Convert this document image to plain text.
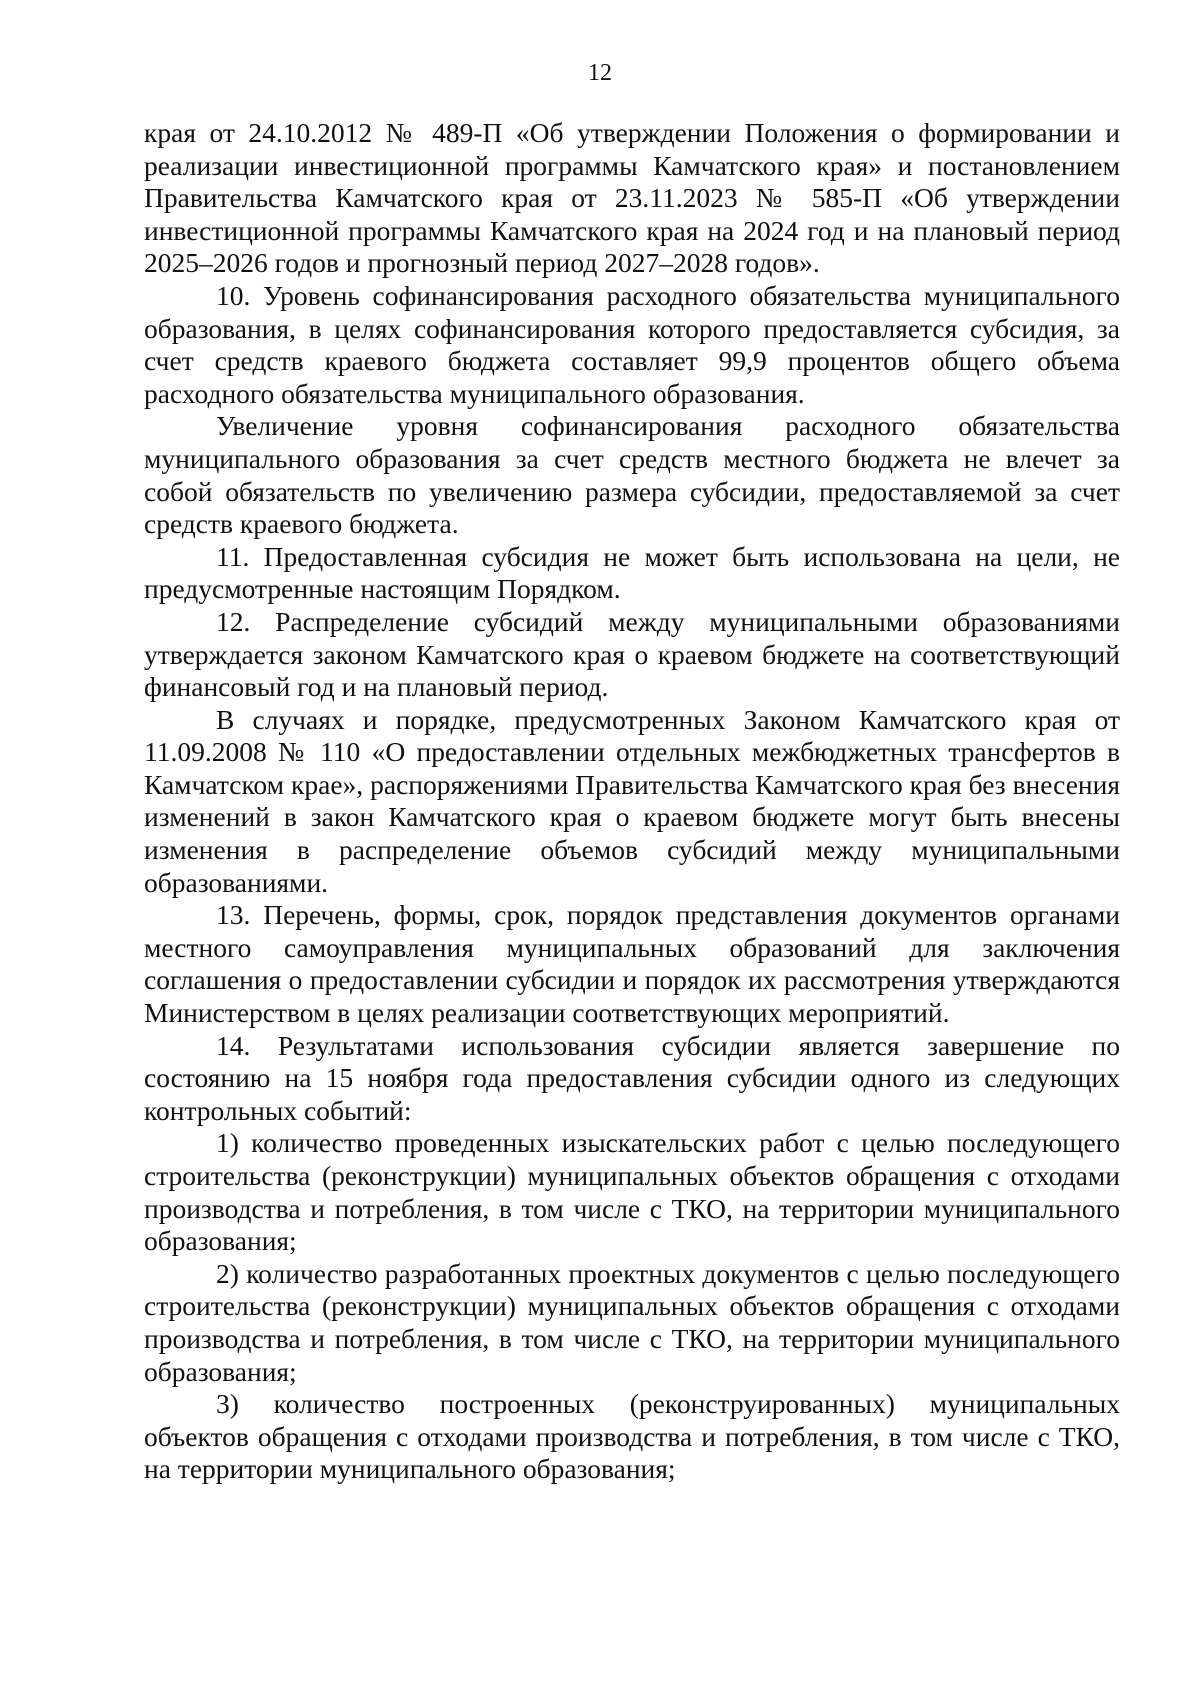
12

края от 24.10.2012 № 489-П «Об утверждении Положения о формировании и реализации инвестиционной программы Камчатского края» и постановлением Правительства Камчатского края от 23.11.2023 № 585-П «Об утверждении инвестиционной программы Камчатского края на 2024 год и на плановый период 2025–2026 годов и прогнозный период 2027–2028 годов».

10. Уровень софинансирования расходного обязательства муниципального образования, в целях софинансирования которого предоставляется субсидия, за счет средств краевого бюджета составляет 99,9 процентов общего объема расходного обязательства муниципального образования.

Увеличение уровня софинансирования расходного обязательства муниципального образования за счет средств местного бюджета не влечет за собой обязательств по увеличению размера субсидии, предоставляемой за счет средств краевого бюджета.

11. Предоставленная субсидия не может быть использована на цели, не предусмотренные настоящим Порядком.

12. Распределение субсидий между муниципальными образованиями утверждается законом Камчатского края о краевом бюджете на соответствующий финансовый год и на плановый период.

В случаях и порядке, предусмотренных Законом Камчатского края от 11.09.2008 № 110 «О предоставлении отдельных межбюджетных трансфертов в Камчатском крае», распоряжениями Правительства Камчатского края без внесения изменений в закон Камчатского края о краевом бюджете могут быть внесены изменения в распределение объемов субсидий между муниципальными образованиями.

13. Перечень, формы, срок, порядок представления документов органами местного самоуправления муниципальных образований для заключения соглашения о предоставлении субсидии и порядок их рассмотрения утверждаются Министерством в целях реализации соответствующих мероприятий.

14. Результатами использования субсидии является завершение по состоянию на 15 ноября года предоставления субсидии одного из следующих контрольных событий:

1) количество проведенных изыскательских работ с целью последующего строительства (реконструкции) муниципальных объектов обращения с отходами производства и потребления, в том числе с ТКО, на территории муниципального образования;

2) количество разработанных проектных документов с целью последующего строительства (реконструкции) муниципальных объектов обращения с отходами производства и потребления, в том числе с ТКО, на территории муниципального образования;

3) количество построенных (реконструированных) муниципальных объектов обращения с отходами производства и потребления, в том числе с ТКО, на территории муниципального образования;
